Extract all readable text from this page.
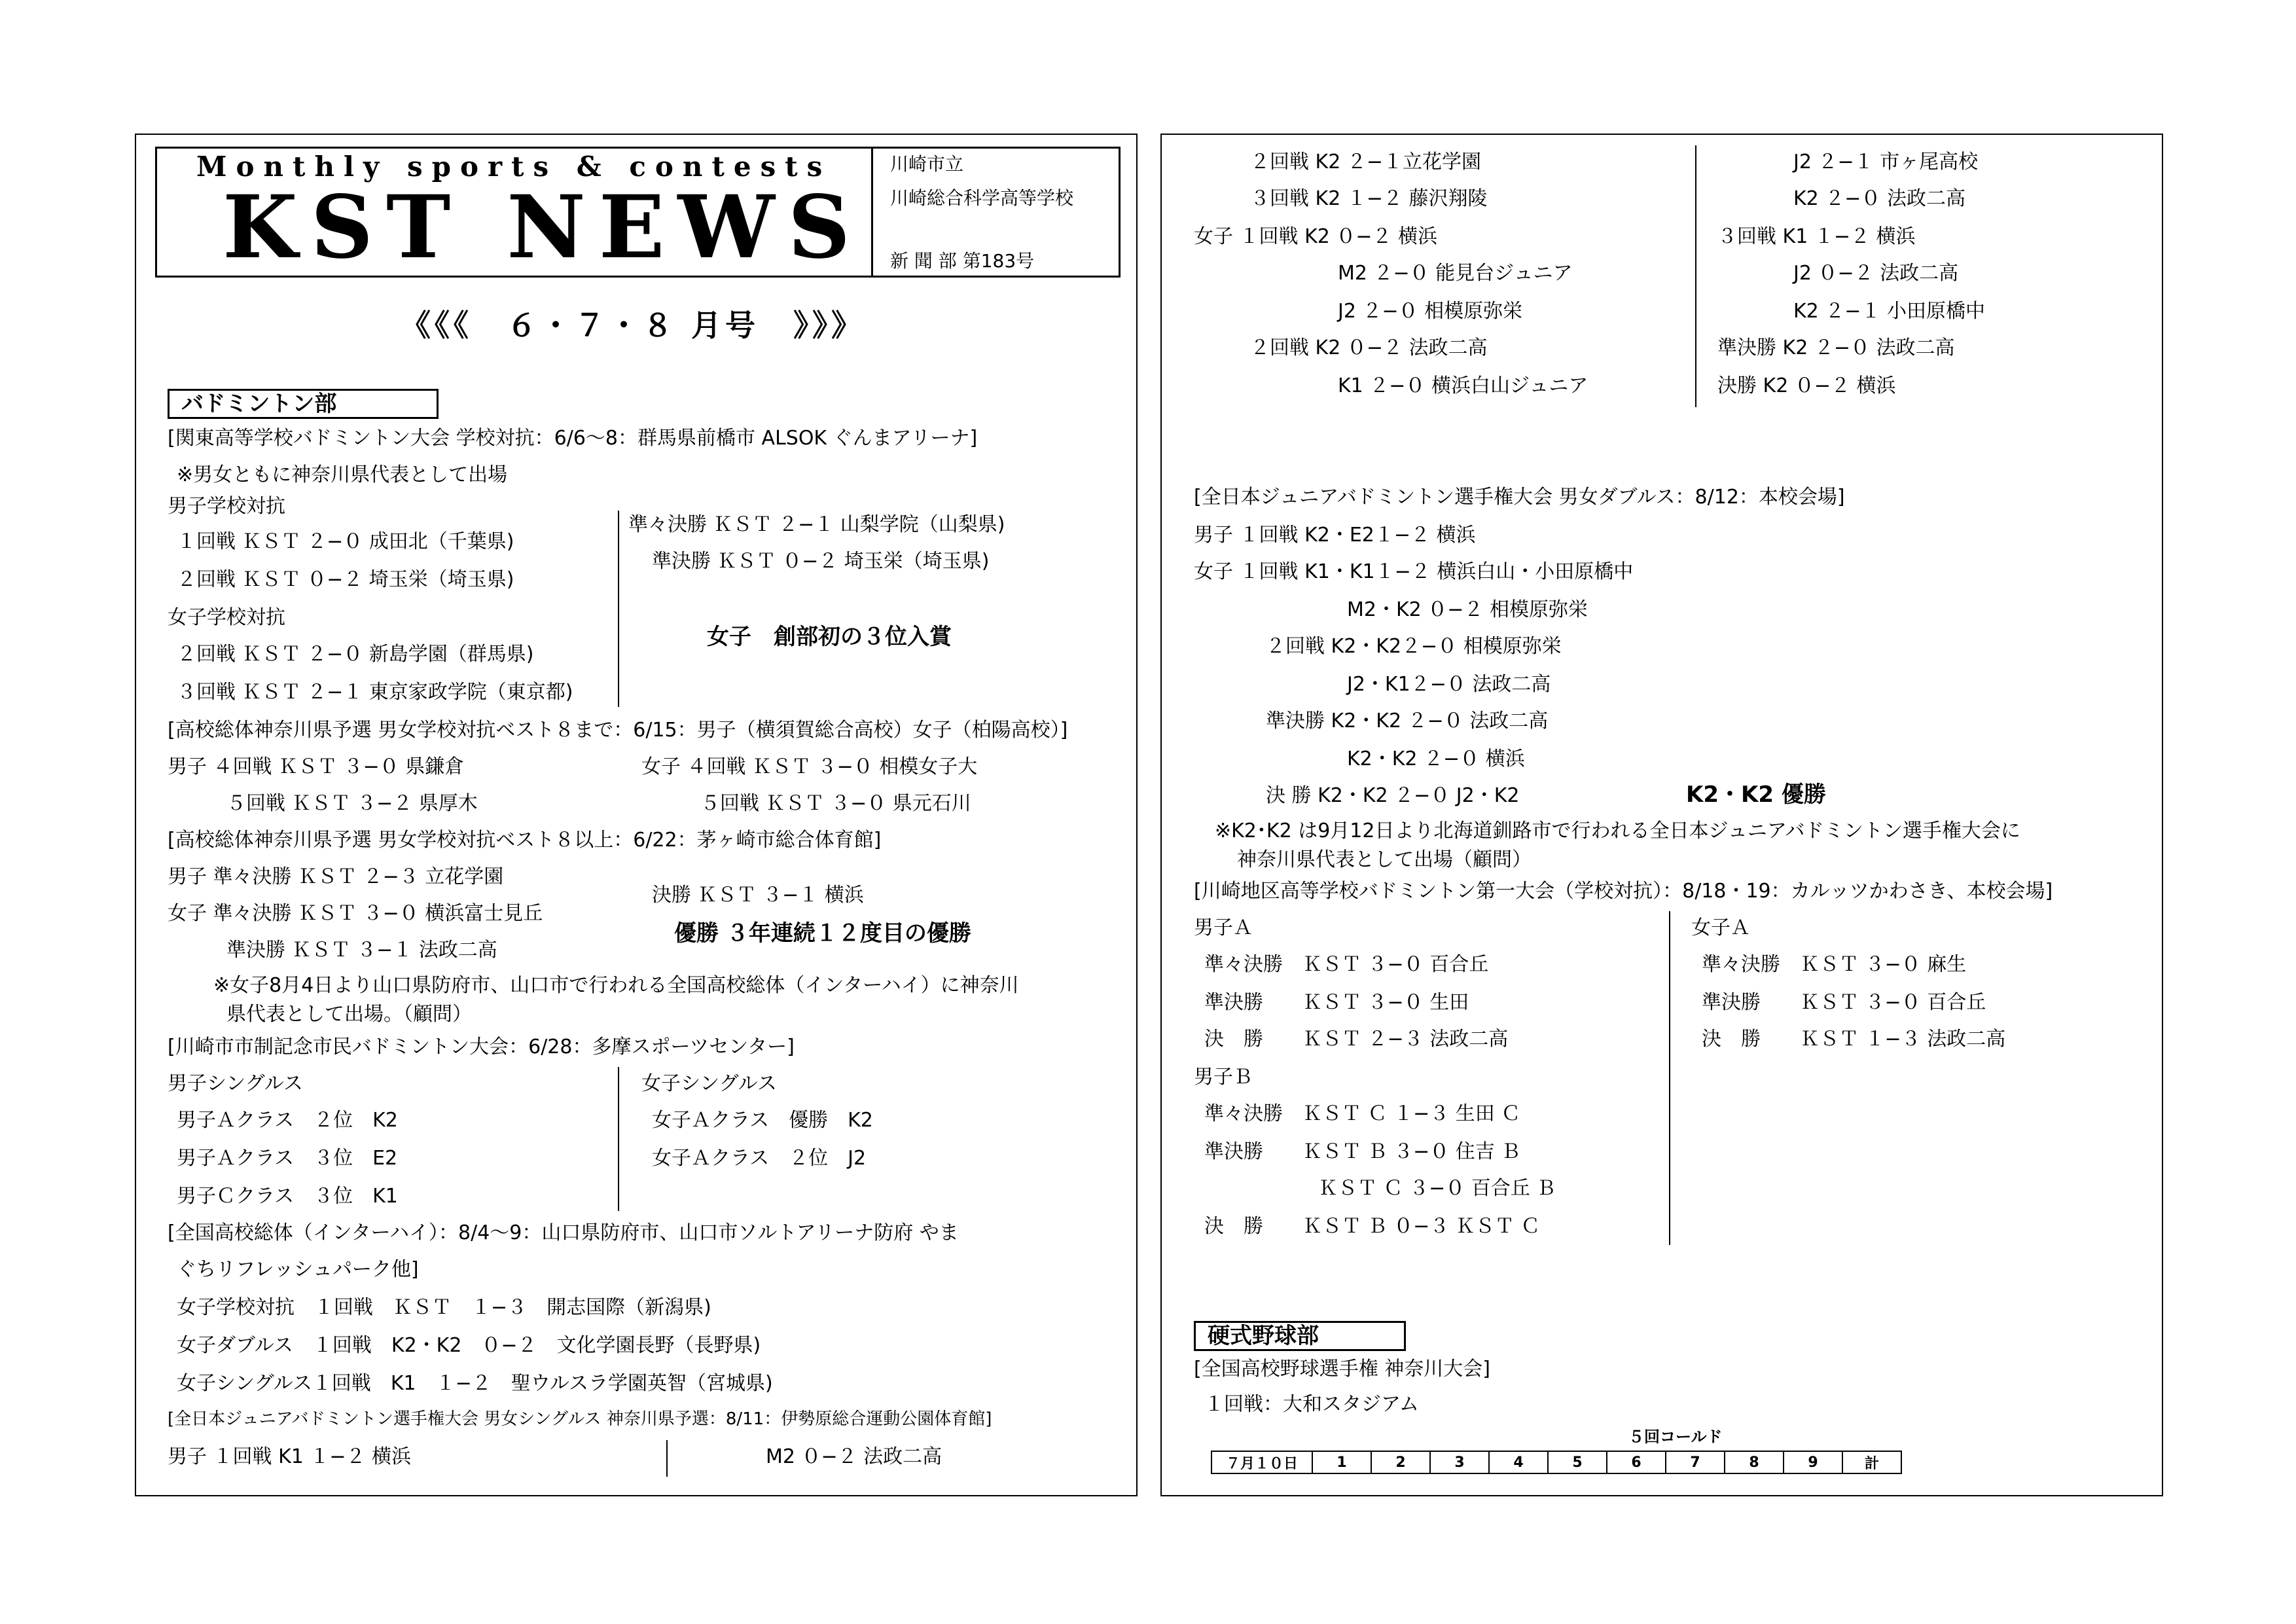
Monthly sports & contests
KST NEWS
川崎市立
川崎総合科学高等学校
新 聞 部 第183号
《《《　６・７・８ 月号　》》》
バドミントン部
[関東高等学校バドミントン大会 学校対抗：6/6～8：群馬県前橋市 ALSOK ぐんまアリーナ]
※男女ともに神奈川県代表として出場
男子学校対抗
１回戦 ＫＳＴ ２−０ 成田北（千葉県)
２回戦 ＫＳＴ ０−２ 埼玉栄（埼玉県)
女子学校対抗
２回戦 ＫＳＴ ２−０ 新島学園（群馬県)
３回戦 ＫＳＴ ２−１ 東京家政学院（東京都)
準々決勝 ＫＳＴ ２−１ 山梨学院（山梨県)
準決勝 ＫＳＴ ０−２ 埼玉栄（埼玉県)
女子　創部初の３位入賞
[高校総体神奈川県予選 男女学校対抗ベスト８まで：6/15：男子（横須賀総合高校）女子（柏陽高校）]
男子 ４回戦 ＫＳＴ ３−０ 県鎌倉
５回戦 ＫＳＴ ３−２ 県厚木
女子 ４回戦 ＫＳＴ ３−０ 相模女子大
５回戦 ＫＳＴ ３−０ 県元石川
[高校総体神奈川県予選 男女学校対抗ベスト８以上：6/22：茅ヶ崎市総合体育館]
男子 準々決勝 ＫＳＴ ２−３ 立花学園
女子 準々決勝 ＫＳＴ ３−０ 横浜富士見丘
準決勝 ＫＳＴ ３−１ 法政二高
決勝 ＫＳＴ ３−１ 横浜
優勝 ３年連続１２度目の優勝
※女子8月4日より山口県防府市、山口市で行われる全国高校総体（インターハイ）に神奈川
県代表として出場。（顧問）
[川崎市市制記念市民バドミントン大会：6/28：多摩スポーツセンター]
男子シングルス
男子Ａクラス　２位　K2
男子Ａクラス　３位　E2
男子Ｃクラス　３位　K1
女子シングルス
女子Ａクラス　優勝　K2
女子Ａクラス　２位　J2
[全国高校総体（インターハイ）：8/4～9：山口県防府市、山口市ソルトアリーナ防府 やま
ぐちリフレッシュパーク他]
女子学校対抗　１回戦　ＫＳＴ　１−３　開志国際（新潟県)
女子ダブルス　１回戦　K2・K2　０−２　文化学園長野（長野県)
女子シングルス１回戦　K1　１−２　聖ウルスラ学園英智（宮城県)
[全日本ジュニアバドミントン選手権大会 男女シングルス 神奈川県予選：8/11：伊勢原総合運動公園体育館]
男子 １回戦 K1 １−２ 横浜	M2 ０−２ 法政二高
２回戦 K2 ２−１立花学園
３回戦 K2 １−２ 藤沢翔陵
女子 １回戦 K2 ０−２ 横浜
M2 ２−０ 能見台ジュニア
J2 ２−０ 相模原弥栄
２回戦 K2 ０−２ 法政二高
K1 ２−０ 横浜白山ジュニア
J2 ２−１ 市ヶ尾高校
K2 ２−０ 法政二高
３回戦 K1 １−２ 横浜
J2 ０−２ 法政二高
K2 ２−１ 小田原橋中
準決勝 K2 ２−０ 法政二高
決勝 K2 ０−２ 横浜
[全日本ジュニアバドミントン選手権大会 男女ダブルス：8/12：本校会場]
男子 １回戦 K2・E2１−２ 横浜
女子 １回戦 K1・K1１−２ 横浜白山・小田原橋中
M2・K2 ０−２ 相模原弥栄
２回戦 K2・K2２−０ 相模原弥栄
J2・K1２−０ 法政二高
準決勝 K2・K2 ２−０ 法政二高
K2・K2 ２−０ 横浜
決 勝 K2・K2 ２−０ J2・K2	K2・K2 優勝
※K2･K2 は9月12日より北海道釧路市で行われる全日本ジュニアバドミントン選手権大会に
神奈川県代表として出場（顧問）
[川崎地区高等学校バドミントン第一大会（学校対抗）：8/18・19：カルッツかわさき、本校会場]
男子Ａ
準々決勝　ＫＳＴ ３−０ 百合丘
準決勝　　ＫＳＴ ３−０ 生田
決　勝　　ＫＳＴ ２−３ 法政二高
男子Ｂ
準々決勝　ＫＳＴ Ｃ １−３ 生田 Ｃ
準決勝　　ＫＳＴ Ｂ ３−０ 住吉 Ｂ
ＫＳＴ Ｃ ３−０ 百合丘 Ｂ
決　勝　　ＫＳＴ Ｂ ０−３ ＫＳＴ Ｃ
女子Ａ
準々決勝　ＫＳＴ ３−０ 麻生
準決勝　　ＫＳＴ ３−０ 百合丘
決　勝　　ＫＳＴ １−３ 法政二高
硬式野球部
[全国高校野球選手権 神奈川大会]
１回戦：大和スタジアム
５回コールド
７月１０日	1	2	3	4	5	6	7	8	9	計
